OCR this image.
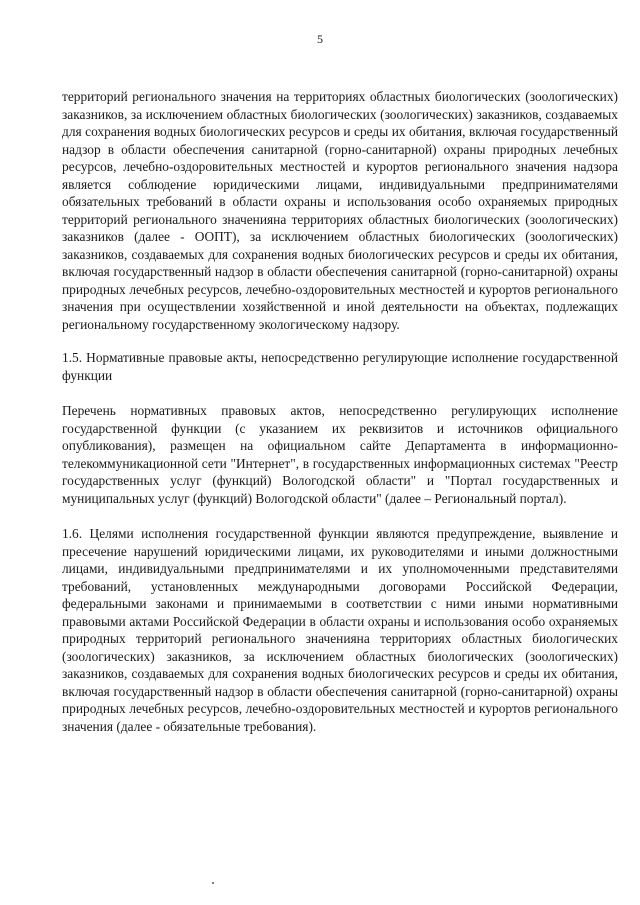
5

территорий регионального значения на территориях областных биологических (зоологических) заказников, за исключением областных биологических (зоологических) заказников, создаваемых для сохранения водных биологических ресурсов и среды их обитания, включая государственный надзор в области обеспечения санитарной (горно-санитарной) охраны природных лечебных ресурсов, лечебно-оздоровительных местностей и курортов регионального значения надзора является соблюдение юридическими лицами, индивидуальными предпринимателями обязательных требований в области охраны и использования особо охраняемых природных территорий регионального значенияна территориях областных биологических (зоологических) заказников (далее - ООПТ), за исключением областных биологических (зоологических) заказников, создаваемых для сохранения водных биологических ресурсов и среды их обитания, включая государственный надзор в области обеспечения санитарной (горно-санитарной) охраны природных лечебных ресурсов, лечебно-оздоровительных местностей и курортов регионального значения при осуществлении хозяйственной и иной деятельности на объектах, подлежащих региональному государственному экологическому надзору.

1.5. Нормативные правовые акты, непосредственно регулирующие исполнение государственной функции

Перечень нормативных правовых актов, непосредственно регулирующих исполнение государственной функции (с указанием их реквизитов и источников официального опубликования), размещен на официальном сайте Департамента в информационно-телекоммуникационной сети "Интернет", в государственных информационных системах "Реестр государственных услуг (функций) Вологодской области" и "Портал государственных и муниципальных услуг (функций) Вологодской области" (далее – Региональный портал).

1.6. Целями исполнения государственной функции являются предупреждение, выявление и пресечение нарушений юридическими лицами, их руководителями и иными должностными лицами, индивидуальными предпринимателями и их уполномоченными представителями требований, установленных международными договорами Российской Федерации, федеральными законами и принимаемыми в соответствии с ними иными нормативными правовыми актами Российской Федерации в области охраны и использования особо охраняемых природных территорий регионального значенияна территориях областных биологических (зоологических) заказников, за исключением областных биологических (зоологических) заказников, создаваемых для сохранения водных биологических ресурсов и среды их обитания, включая государственный надзор в области обеспечения санитарной (горно-санитарной) охраны природных лечебных ресурсов, лечебно-оздоровительных местностей и курортов регионального значения (далее - обязательные требования).
